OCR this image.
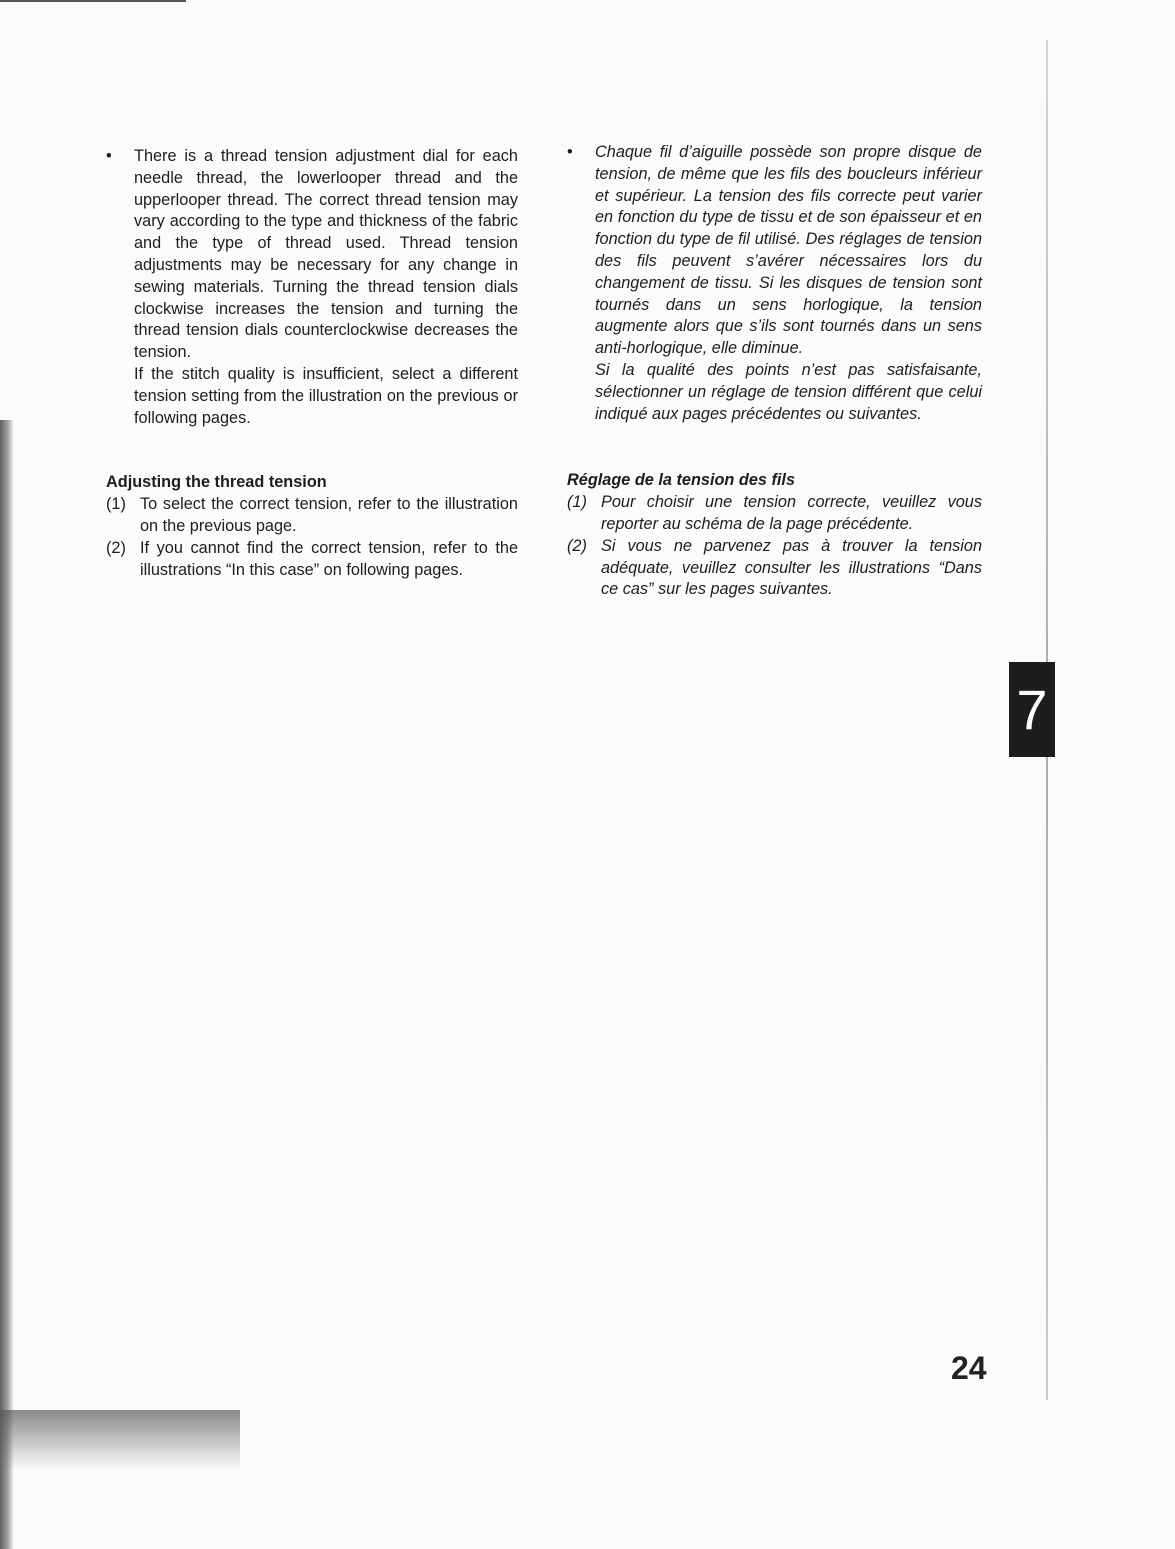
• There is a thread tension adjustment dial for each needle thread, the lowerlooper thread and the upperlooper thread. The correct thread tension may vary according to the type and thickness of the fabric and the type of thread used. Thread tension adjustments may be necessary for any change in sewing materials. Turning the thread tension dials clockwise increases the tension and turning the thread tension dials counterclockwise decreases the tension.
If the stitch quality is insufficient, select a different tension setting from the illustration on the previous or following pages.
Adjusting the thread tension
(1) To select the correct tension, refer to the illustration on the previous page.
(2) If you cannot find the correct tension, refer to the illustrations “In this case” on following pages.
• Chaque fil d’aiguille possède son propre disque de tension, de même que les fils des boucleurs inférieur et supérieur. La tension des fils correcte peut varier en fonction du type de tissu et de son épaisseur et en fonction du type de fil utilisé. Des réglages de tension des fils peuvent s’avérer nécessaires lors du changement de tissu. Si les disques de tension sont tournés dans un sens horlogique, la tension augmente alors que s’ils sont tournés dans un sens anti-horlogique, elle diminue.
Si la qualité des points n’est pas satisfaisante, sélectionner un réglage de tension différent que celui indiqué aux pages précédentes ou suivantes.
Réglage de la tension des fils
(1) Pour choisir une tension correcte, veuillez vous reporter au schéma de la page précédente.
(2) Si vous ne parvenez pas à trouver la tension adéquate, veuillez consulter les illustrations “Dans ce cas” sur les pages suivantes.
7
24
